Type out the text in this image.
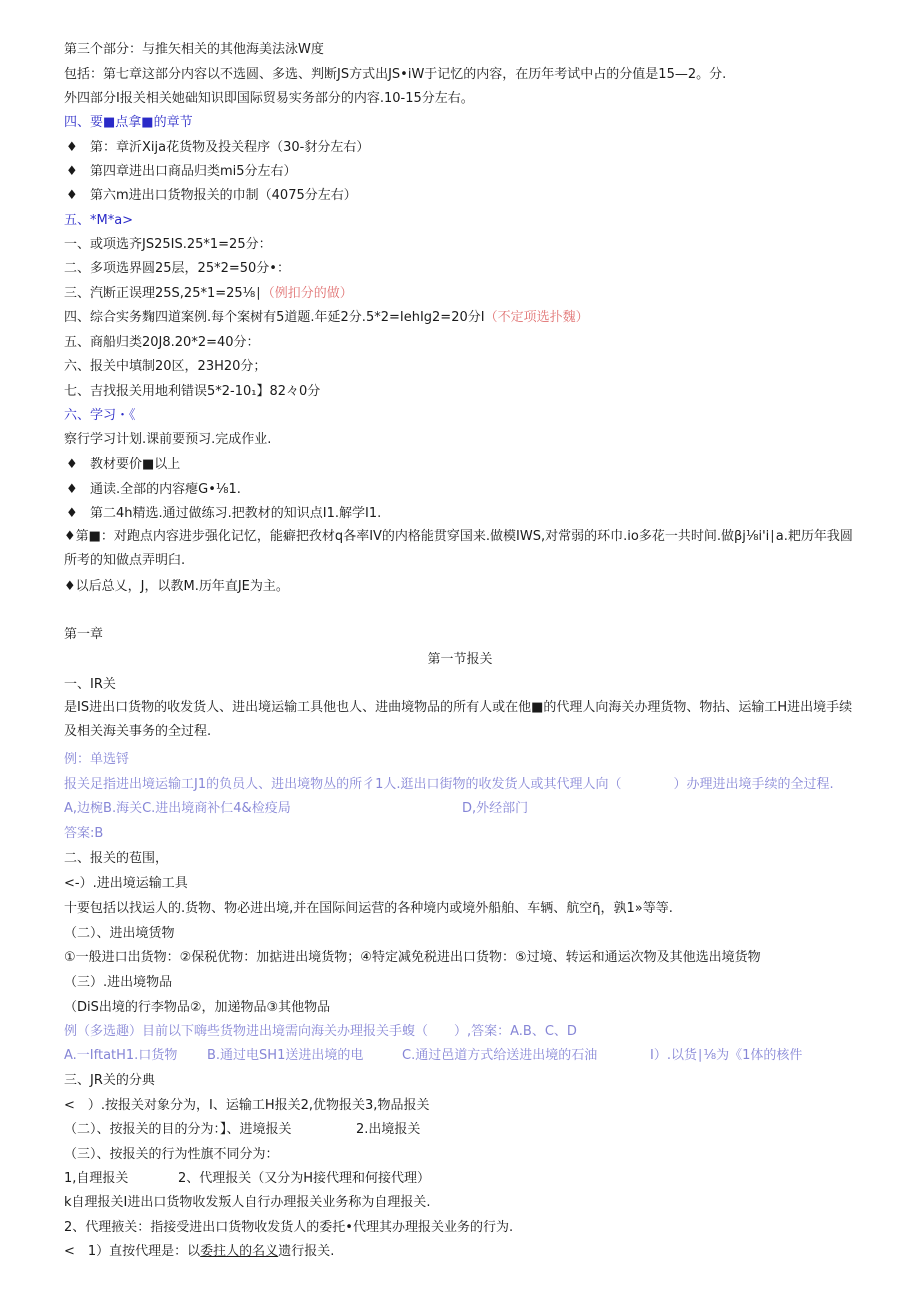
第三个部分：与推矢相关的其他海美法泳W度
包括：第七章这部分内容以不选圆、多选、判断JS方式出JS•iW于记忆的内容，在历年考试中占的分值是15—2。分.
外四部分I报关相关她础知识即国际贸易实务部分的内容.10-15分左右。
四、要■点拿■的章节
♦ 第：章沂Xija花货物及投关程序（30-豺分左右）
♦ 第四章进出口商品归类mi5分左右）
♦ 第六m进出口货物报关的巾制（4075分左右）
五、*M*a>
一、或项选齐JS25IS.25*1=25分：
二、多项选界圆25层，25*2=50分•：
三、汽断正误理25S,25*1=25⅛∣（例扣分的做）
四、综合实务麴四道案例.每个案树有5道题.年延2分.5*2=IehIg2=20分I（不定项选扑魏）
五、商船归类20J8.20*2=40分：
六、报关中填制20区，23H20分；
七、吉找报关用地利错误5*2-10₁】82々0分
六、学习・《
察行学习计划.课前要预习.完成作业.
♦ 教材要价■以上
♦ 通读.全部的内容瘪G•⅛1.
♦ 第二4h精选.通过做练习.把教材的知识点I1.解学I1.
♦第■：对跑点内容进步强化记忆，能癖把孜材q各率IV的内格能贯穿国来.做模IWS,对常弱的环巾.io多花一共时间.做βj⅛i'i∣a.耙历年我圆所考的知做点弄明臼.
♦以后总乂，J，以教M.历年直JE为主。
第一章
第一节报关
一、IR关
是IS进出口货物的收发货人、进出境运输工具他也人、进曲境物品的所有人或在他■的代理人向海关办理货物、物拈、运输工H进出境手续及相关海关事务的全过程.
例：单选锊
报关足指进出境运输工J1的负员人、进出境物丛的所彳1人.逛出口街物的收发货人或其代理人向（　　　　）办理进出境手续的全过程.
A,边椀B.海关C.进出境商补仁4&检疫局	D,外经部门
答案:B
二、报关的苞围，
<-）.进出境运输工具
十要包括以找运人的.货物、物必进出境,并在国际间运营的各种境内或境外船舶、车辆、航空ῆ，孰1»等等.
（二）、进出境赁物
①一般进口岀货物：②保税优物：加掂进出境货物；④特定减免税进出口货物：⑤过境、转运和通运次物及其他选出境货物
（三）.进出境物品
（DiS出境的行李物品②，加递物品③其他物品
例（多选趣）目前以下嗨些货物进出境需向海关办理报关手蝮（　　）,答案：A.B、C、D
A.一IftatH1.口货物 B.通过电SH1送进出境的电	C.通过邑道方式给送进出境的石油	I）.以货∣⅛为《1体的核件
三、JR关的分典
<　）.按报关对象分为，I、运输工H报关2,优物报关3,物品报关
（二）、按报关的目的分为：】、进境报关	2.出境报关
（三）、按报关的行为性旗不同分为：
1,自理报关	2、代理报关（又分为H接代理和何接代理）
k自理报关I进出口货物收发叛人自行办理报关业务称为自理报关.
2、代理掖关：指接受进出口货物收发货人的委托•代理其办理报关业务的行为.
<　1）直按代理是：以委拄人的名义遗行报关.
